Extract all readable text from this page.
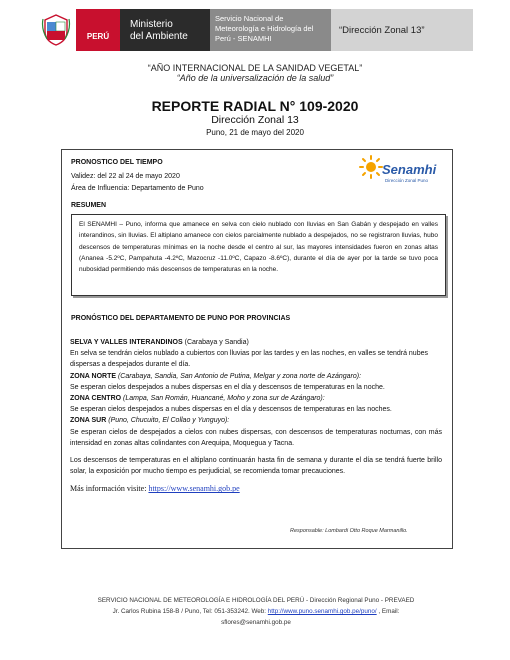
PERÚ
Ministerio
del Ambiente
Servicio Nacional de
Meteorología e Hidrología del
Perú - SENAMHI
“Dirección Zonal 13”
“AÑO INTERNACIONAL DE LA SANIDAD VEGETAL”
“Año de la universalización de la salud”
REPORTE RADIAL N° 109-2020
Dirección Zonal 13
Puno, 21 de mayo del 2020
PRONOSTICO DEL TIEMPO
Validez: del 22 al 24 de mayo 2020
Área de Influencia: Departamento de Puno
RESUMEN
Senamhi
Dirección Zonal Puno
El SENAMHI – Puno, informa que amanece en selva con cielo nublado con lluvias en San Gabán y despejado en valles interandinos, sin lluvias. El altiplano amanece con cielos parcialmente nublado a despejados, no se registraron lluvias, hubo descensos de temperaturas mínimas en la noche desde el centro al sur, las mayores intensidades fueron en zonas altas (Ananea -5.2ºC, Pampahuta -4.2ºC, Mazocruz -11.0ºC, Capazo -8.6ºC), durante el día de ayer por la tarde se tuvo poca nubosidad permitiendo más descensos de temperaturas en la noche.
PRONÓSTICO DEL DEPARTAMENTO DE PUNO POR PROVINCIAS
SELVA Y VALLES INTERANDINOS (Carabaya y Sandia)
En selva se tendrán cielos nublado a cubiertos con lluvias por las tardes y en las noches, en valles se tendrá nubes dispersas a despejados durante el día.
ZONA NORTE (Carabaya, Sandia, San Antonio de Putina, Melgar y zona norte de Azángaro):
Se esperan cielos despejados a nubes dispersas en el día y descensos de temperaturas en la noche.
ZONA CENTRO (Lampa, San Román, Huancané, Moho y zona sur de Azángaro):
Se esperan cielos despejados a nubes dispersas en el día y descensos de temperaturas en las noches.
ZONA SUR (Puno, Chucuito, El Collao y Yunguyo):
Se esperan cielos de despejados a cielos con nubes dispersas, con descensos de temperaturas nocturnas, con más intensidad en zonas altas colindantes con Arequipa, Moquegua y Tacna.
Los descensos de temperaturas en el altiplano continuarán hasta fin de semana y durante el día se tendrá fuerte brillo solar, la exposición por mucho tiempo es perjudicial, se recomienda tomar precauciones.
Más información visite: https://www.senamhi.gob.pe
Responsable: Lombardi Otto Roque Marmanillo.
SERVICIO NACIONAL DE METEOROLOGÍA E HIDROLOGÍA DEL PERÚ - Dirección Regional Puno - PREVAED
Jr. Carlos Rubina 158-B / Puno, Tel: 051-353242. Web: http://www.puno.senamhi.gob.pe/puno/ , Email:
sflores@senamhi.gob.pe
